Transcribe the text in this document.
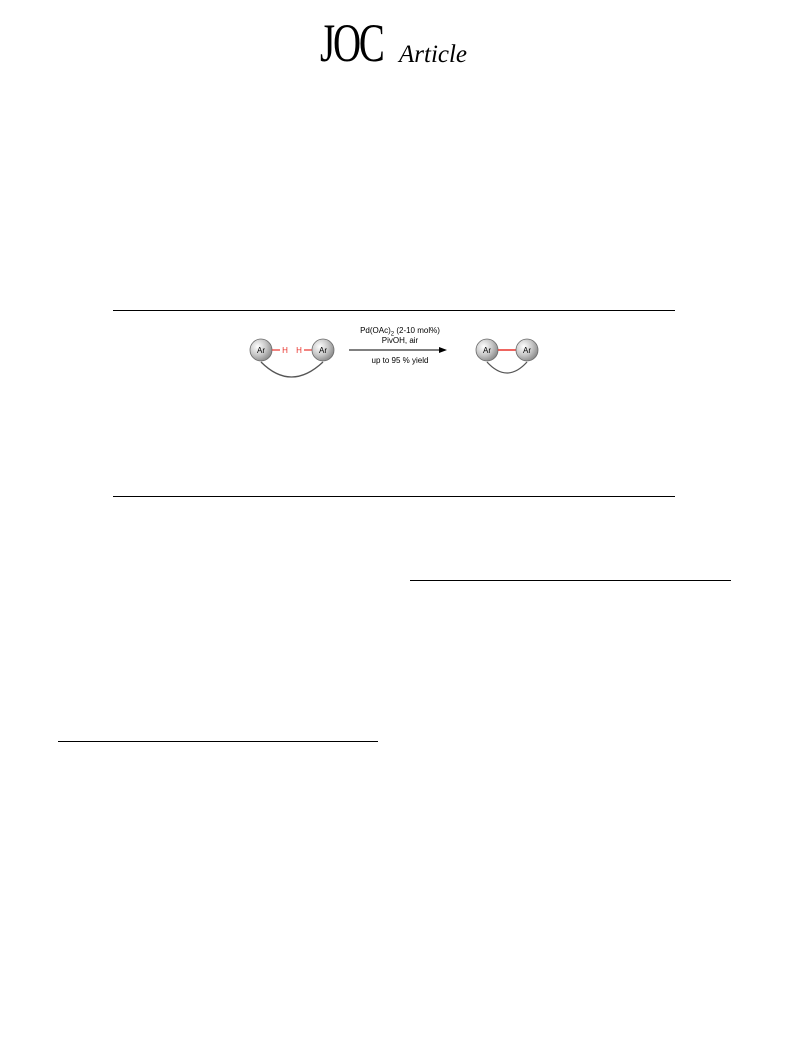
JOC Article
Ar H H Ar	Ar	Ar
$Pd(OAc)_2$ (2-10 mol%)
PivOH, air
up to 95 % yield
